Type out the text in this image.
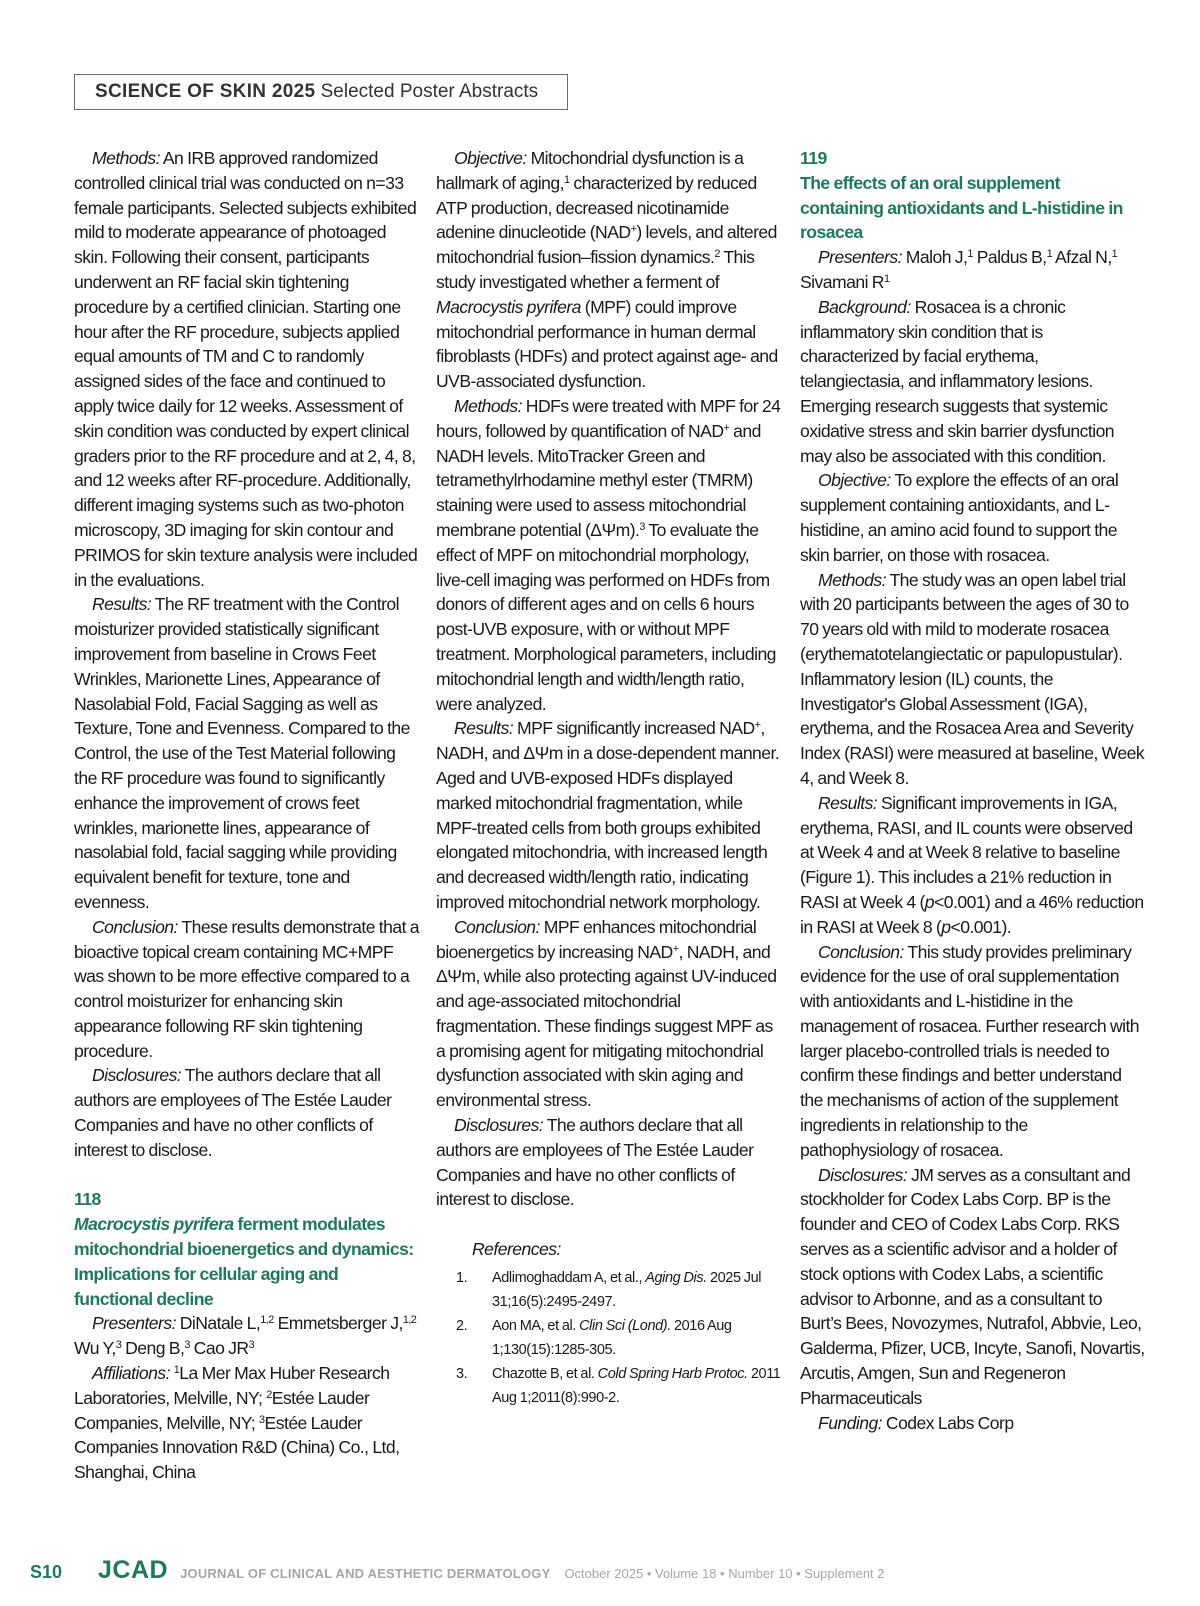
SCIENCE OF SKIN 2025 Selected Poster Abstracts

Methods: An IRB approved randomized controlled clinical trial was conducted on n=33 female participants. Selected subjects exhibited mild to moderate appearance of photoaged skin. Following their consent, participants underwent an RF facial skin tightening procedure by a certified clinician. Starting one hour after the RF procedure, subjects applied equal amounts of TM and C to randomly assigned sides of the face and continued to apply twice daily for 12 weeks. Assessment of skin condition was conducted by expert clinical graders prior to the RF procedure and at 2, 4, 8, and 12 weeks after RF-procedure. Additionally, different imaging systems such as two-photon microscopy, 3D imaging for skin contour and PRIMOS for skin texture analysis were included in the evaluations.

Results: The RF treatment with the Control moisturizer provided statistically significant improvement from baseline in Crows Feet Wrinkles, Marionette Lines, Appearance of Nasolabial Fold, Facial Sagging as well as Texture, Tone and Evenness. Compared to the Control, the use of the Test Material following the RF procedure was found to significantly enhance the improvement of crows feet wrinkles, marionette lines, appearance of nasolabial fold, facial sagging while providing equivalent benefit for texture, tone and evenness.

Conclusion: These results demonstrate that a bioactive topical cream containing MC+MPF was shown to be more effective compared to a control moisturizer for enhancing skin appearance following RF skin tightening procedure.

Disclosures: The authors declare that all authors are employees of The Estée Lauder Companies and have no other conflicts of interest to disclose.

118

Macrocystis pyrifera ferment modulates mitochondrial bioenergetics and dynamics: Implications for cellular aging and functional decline

Presenters: DiNatale L,$^{1,2}$ Emmetsberger J,$^{1,2}$ Wu Y,$^3$ Deng B,$^3$ Cao $JR^3$

Affiliations: $^1$La Mer Max Huber Research Laboratories, Melville, NY; $^2$Estée Lauder Companies, Melville, NY; $^3$Estée Lauder Companies Innovation R&D (China) Co., Ltd, Shanghai, China

Objective: Mitochondrial dysfunction is a hallmark of aging,$^1$ characterized by reduced ATP production, decreased nicotinamide adenine dinucleotide (NAD+) levels, and altered mitochondrial fusion–fission dynamics.$^2$ This study investigated whether a ferment of Macrocystis pyrifera (MPF) could improve mitochondrial performance in human dermal fibroblasts (HDFs) and protect against age- and UVB-associated dysfunction.

Methods: HDFs were treated with MPF for 24 hours, followed by quantification of NAD+ and NADH levels. MitoTracker Green and tetramethylrhodamine methyl ester (TMRM) staining were used to assess mitochondrial membrane potential (ΔΨm).$^3$ To evaluate the effect of MPF on mitochondrial morphology, live-cell imaging was performed on HDFs from donors of different ages and on cells 6 hours post-UVB exposure, with or without MPF treatment. Morphological parameters, including mitochondrial length and width/length ratio, were analyzed.

Results: MPF significantly increased NAD+, NADH, and ΔΨm in a dose-dependent manner. Aged and UVB-exposed HDFs displayed marked mitochondrial fragmentation, while MPF-treated cells from both groups exhibited elongated mitochondria, with increased length and decreased width/length ratio, indicating improved mitochondrial network morphology.

Conclusion: MPF enhances mitochondrial bioenergetics by increasing NAD+, NADH, and ΔΨm, while also protecting against UV-induced and age-associated mitochondrial fragmentation. These findings suggest MPF as a promising agent for mitigating mitochondrial dysfunction associated with skin aging and environmental stress.

Disclosures: The authors declare that all authors are employees of The Estée Lauder Companies and have no other conflicts of interest to disclose.

References:

1.	Adlimoghaddam A, et al., Aging Dis. 2025 Jul 31;16(5):2495-2497.
2.	Aon MA, et al. Clin Sci (Lond). 2016 Aug 1;130(15):1285-305.
3.	Chazotte B, et al. Cold Spring Harb Protoc. 2011 Aug 1;2011(8):990-2.

119

The effects of an oral supplement containing antioxidants and L-histidine in rosacea

Presenters: Maloh J,$^1$ Paldus B,$^1$ Afzal N,$^1$ Sivamani $R^1$

Background: Rosacea is a chronic inflammatory skin condition that is characterized by facial erythema, telangiectasia, and inflammatory lesions. Emerging research suggests that systemic oxidative stress and skin barrier dysfunction may also be associated with this condition.

Objective: To explore the effects of an oral supplement containing antioxidants, and L-histidine, an amino acid found to support the skin barrier, on those with rosacea.

Methods: The study was an open label trial with 20 participants between the ages of 30 to 70 years old with mild to moderate rosacea (erythematotelangiectatic or papulopustular). Inflammatory lesion (IL) counts, the Investigator's Global Assessment (IGA), erythema, and the Rosacea Area and Severity Index (RASI) were measured at baseline, Week 4, and Week 8.

Results: Significant improvements in IGA, erythema, RASI, and IL counts were observed at Week 4 and at Week 8 relative to baseline (Figure 1). This includes a 21% reduction in RASI at Week 4 (p<0.001) and a 46% reduction in RASI at Week 8 (p<0.001).

Conclusion: This study provides preliminary evidence for the use of oral supplementation with antioxidants and L-histidine in the management of rosacea. Further research with larger placebo-controlled trials is needed to confirm these findings and better understand the mechanisms of action of the supplement ingredients in relationship to the pathophysiology of rosacea.

Disclosures: JM serves as a consultant and stockholder for Codex Labs Corp. BP is the founder and CEO of Codex Labs Corp. RKS serves as a scientific advisor and a holder of stock options with Codex Labs, a scientific advisor to Arbonne, and as a consultant to Burt’s Bees, Novozymes, Nutrafol, Abbvie, Leo, Galderma, Pfizer, UCB, Incyte, Sanofi, Novartis, Arcutis, Amgen, Sun and Regeneron Pharmaceuticals

Funding: Codex Labs Corp

S10	JCAD JOURNAL OF CLINICAL AND AESTHETIC DERMATOLOGY October 2025 • Volume 18 • Number 10 • Supplement 2
